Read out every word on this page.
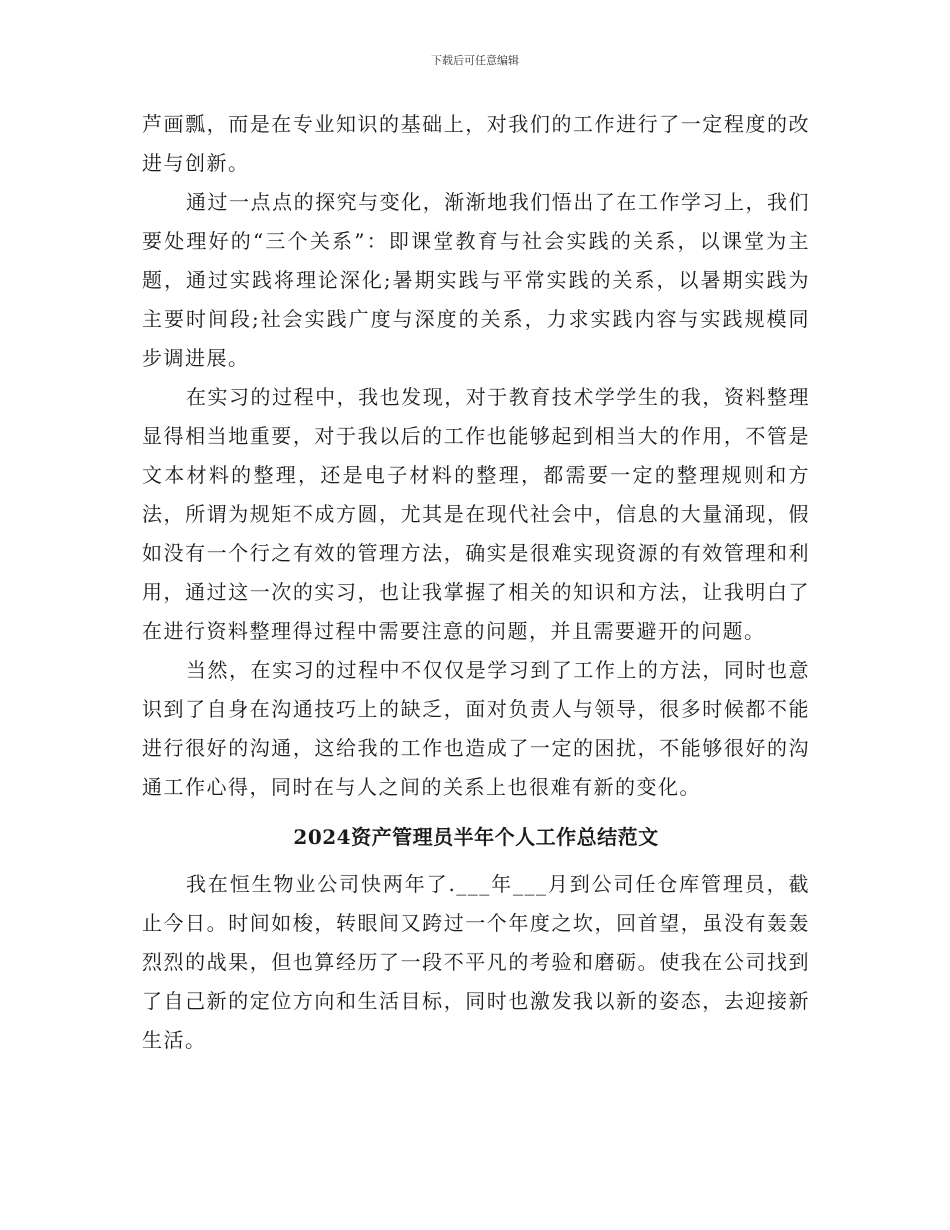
下载后可任意编辑

芦画瓢，而是在专业知识的基础上，对我们的工作进行了一定程度的改进与创新。

通过一点点的探究与变化，渐渐地我们悟出了在工作学习上，我们要处理好的“三个关系”：即课堂教育与社会实践的关系，以课堂为主题，通过实践将理论深化;暑期实践与平常实践的关系，以暑期实践为主要时间段;社会实践广度与深度的关系，力求实践内容与实践规模同步调进展。

在实习的过程中，我也发现，对于教育技术学学生的我，资料整理显得相当地重要，对于我以后的工作也能够起到相当大的作用，不管是文本材料的整理，还是电子材料的整理，都需要一定的整理规则和方法，所谓为规矩不成方圆，尤其是在现代社会中，信息的大量涌现，假如没有一个行之有效的管理方法，确实是很难实现资源的有效管理和利用，通过这一次的实习，也让我掌握了相关的知识和方法，让我明白了在进行资料整理得过程中需要注意的问题，并且需要避开的问题。

当然，在实习的过程中不仅仅是学习到了工作上的方法，同时也意识到了自身在沟通技巧上的缺乏，面对负责人与领导，很多时候都不能进行很好的沟通，这给我的工作也造成了一定的困扰，不能够很好的沟通工作心得，同时在与人之间的关系上也很难有新的变化。

2024资产管理员半年个人工作总结范文

我在恒生物业公司快两年了.___年___月到公司任仓库管理员，截止今日。时间如梭，转眼间又跨过一个年度之坎，回首望，虽没有轰轰烈烈的战果，但也算经历了一段不平凡的考验和磨砺。使我在公司找到了自己新的定位方向和生活目标，同时也激发我以新的姿态，去迎接新生活。
